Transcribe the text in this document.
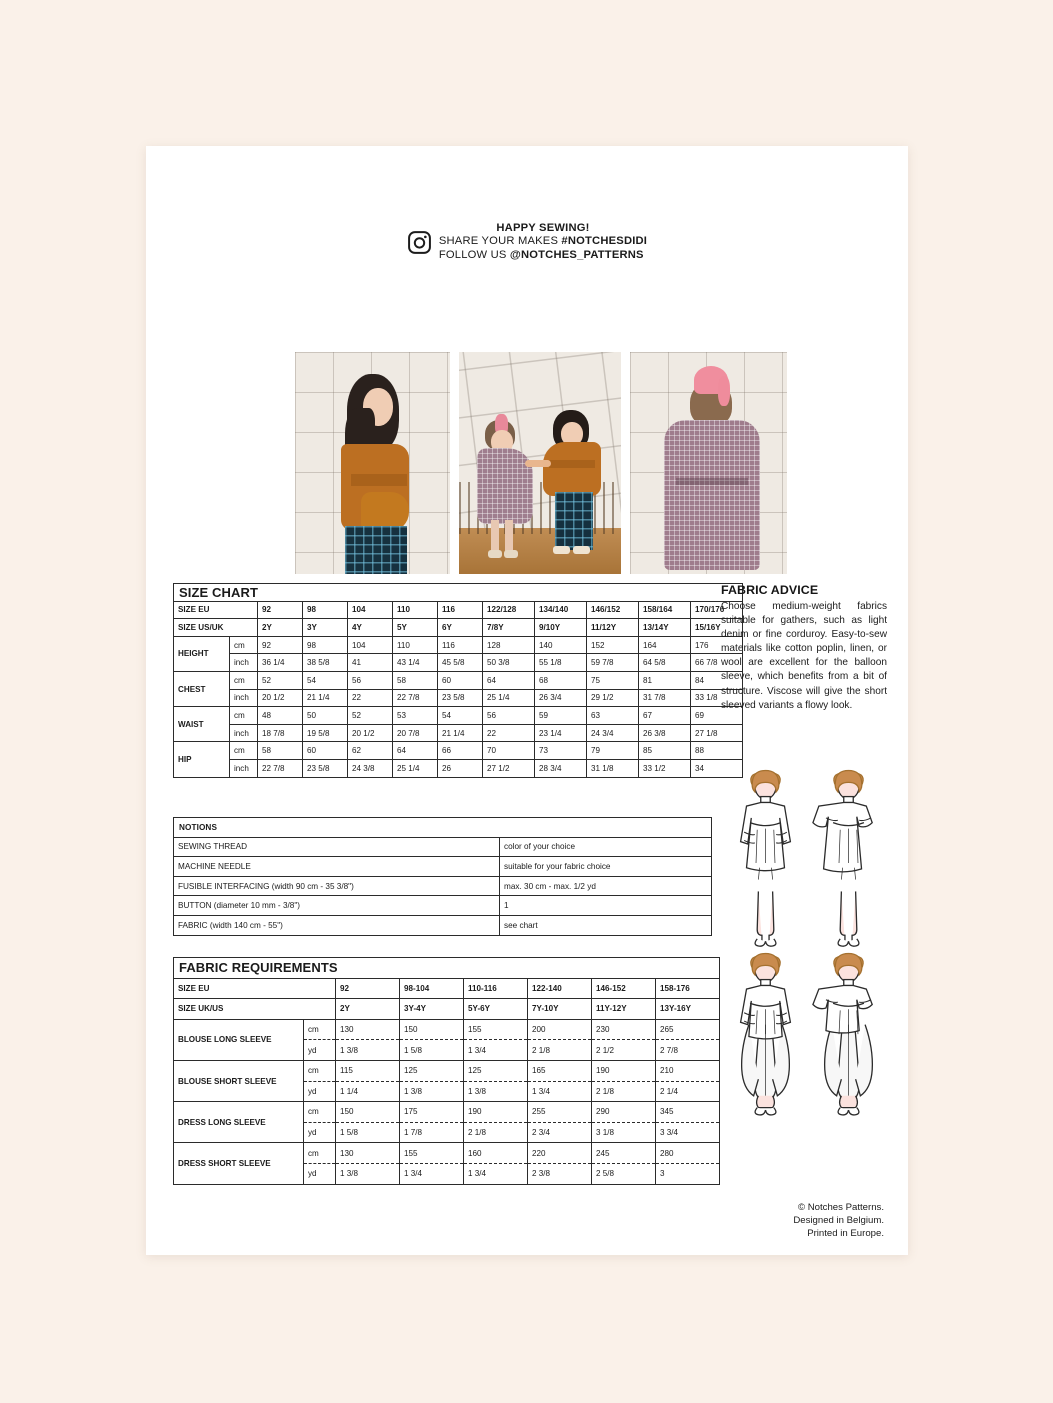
HAPPY SEWING!
SHARE YOUR MAKES #NOTCHESDIDI
FOLLOW US @NOTCHES_PATTERNS
SIZE CHART											
SIZE EU		92	98	104	110	116	122/128	134/140	146/152	158/164	170/176
SIZE US/UK		2Y	3Y	4Y	5Y	6Y	7/8Y	9/10Y	11/12Y	13/14Y	15/16Y
HEIGHT	cm	92	98	104	110	116	128	140	152	164	176
	inch	36 1/4	38 5/8	41	43 1/4	45 5/8	50 3/8	55 1/8	59 7/8	64 5/8	66 7/8
CHEST	cm	52	54	56	58	60	64	68	75	81	84
	inch	20 1/2	21 1/4	22	22 7/8	23 5/8	25 1/4	26 3/4	29 1/2	31 7/8	33 1/8
WAIST	cm	48	50	52	53	54	56	59	63	67	69
	inch	18 7/8	19 5/8	20 1/2	20 7/8	21 1/4	22	23 1/4	24 3/4	26 3/8	27 1/8
HIP	cm	58	60	62	64	66	70	73	79	85	88
	inch	22 7/8	23 5/8	24 3/8	25 1/4	26	27 1/2	28 3/4	31 1/8	33 1/2	34
NOTIONS	
SEWING THREAD	color of your choice
MACHINE NEEDLE	suitable for your fabric choice
FUSIBLE INTERFACING (width 90 cm - 35 3/8")	max. 30 cm - max. 1/2 yd
BUTTON (diameter 10 mm - 3/8")	1
FABRIC (width 140 cm - 55")	see chart
FABRIC REQUIREMENTS							
SIZE EU		92	98-104	110-116	122-140	146-152	158-176
SIZE UK/US		2Y	3Y-4Y	5Y-6Y	7Y-10Y	11Y-12Y	13Y-16Y
BLOUSE LONG SLEEVE	cm	130	150	155	200	230	265
	yd	1 3/8	1 5/8	1 3/4	2 1/8	2 1/2	2 7/8
BLOUSE SHORT SLEEVE	cm	115	125	125	165	190	210
	yd	1 1/4	1 3/8	1 3/8	1 3/4	2 1/8	2 1/4
DRESS LONG SLEEVE	cm	150	175	190	255	290	345
	yd	1 5/8	1 7/8	2 1/8	2 3/4	3 1/8	3 3/4
DRESS SHORT SLEEVE	cm	130	155	160	220	245	280
	yd	1 3/8	1 3/4	1 3/4	2 3/8	2 5/8	3
FABRIC ADVICE

Choose medium-weight fabrics suitable for gathers, such as light denim or fine corduroy. Easy-to-sew materials like cotton poplin, linen, or wool are excellent for the balloon sleeve, which benefits from a bit of structure. Viscose will give the short sleeved variants a flowy look.

© Notches Patterns.
Designed in Belgium.
Printed in Europe.
